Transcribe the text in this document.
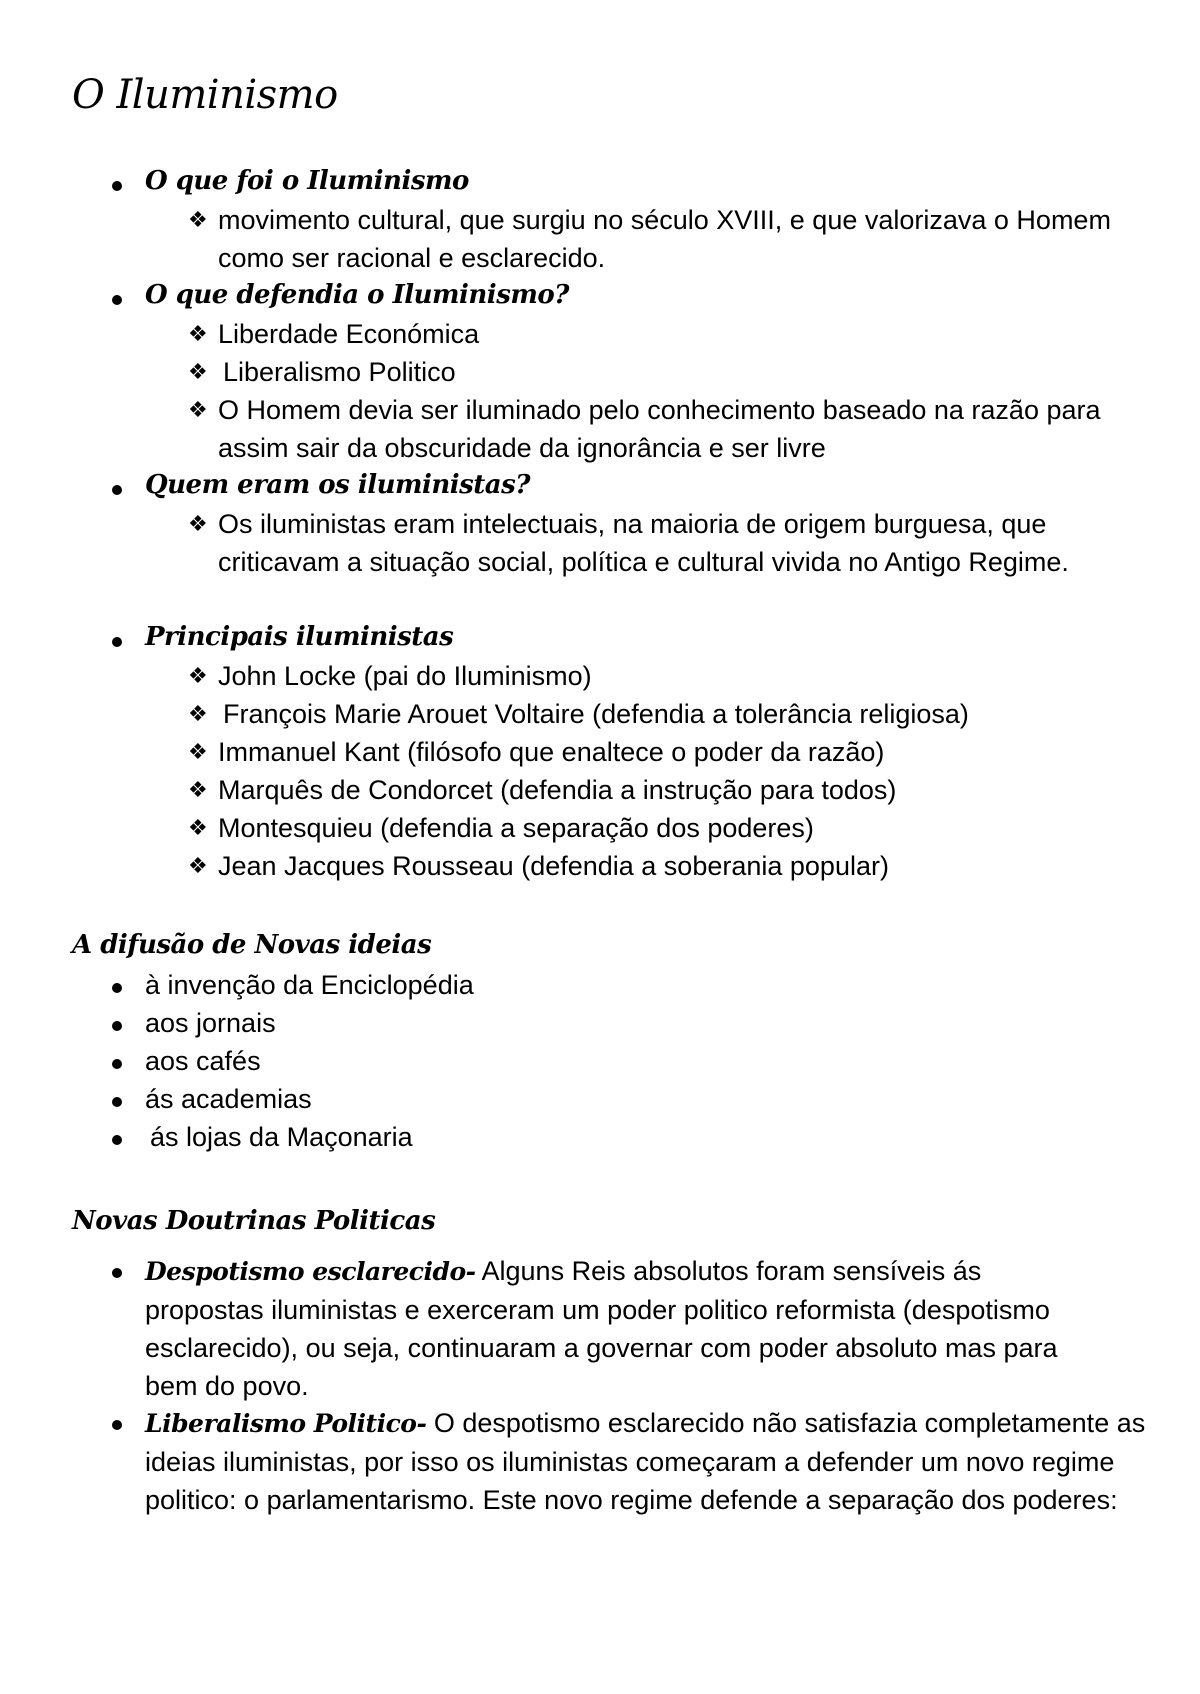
O Iluminismo
O que foi o Iluminismo
❖ movimento cultural, que surgiu no século XVIII, e que valorizava o Homem como ser racional e esclarecido.
O que defendia o Iluminismo?
❖ Liberdade Económica
❖ Liberalismo Politico
❖ O Homem devia ser iluminado pelo conhecimento baseado na razão para assim sair da obscuridade da ignorância e ser livre
Quem eram os iluministas?
❖ Os iluministas eram intelectuais, na maioria de origem burguesa, que criticavam a situação social, política e cultural vivida no Antigo Regime.
Principais iluministas
❖ John Locke (pai do Iluminismo)
❖ François Marie Arouet Voltaire (defendia a tolerância religiosa)
❖ Immanuel Kant (filósofo que enaltece o poder da razão)
❖ Marquês de Condorcet (defendia a instrução para todos)
❖ Montesquieu (defendia a separação dos poderes)
❖ Jean Jacques Rousseau (defendia a soberania popular)
A difusão de Novas ideias
à invenção da Enciclopédia
aos jornais
aos cafés
ás academias
ás lojas da Maçonaria
Novas Doutrinas Politicas
Despotismo esclarecido- Alguns Reis absolutos foram sensíveis ás propostas iluministas e exerceram um poder politico reformista (despotismo esclarecido), ou seja, continuaram a governar com poder absoluto mas para bem do povo.
Liberalismo Politico- O despotismo esclarecido não satisfazia completamente as ideias iluministas, por isso os iluministas começaram a defender um novo regime politico: o parlamentarismo. Este novo regime defende a separação dos poderes:
